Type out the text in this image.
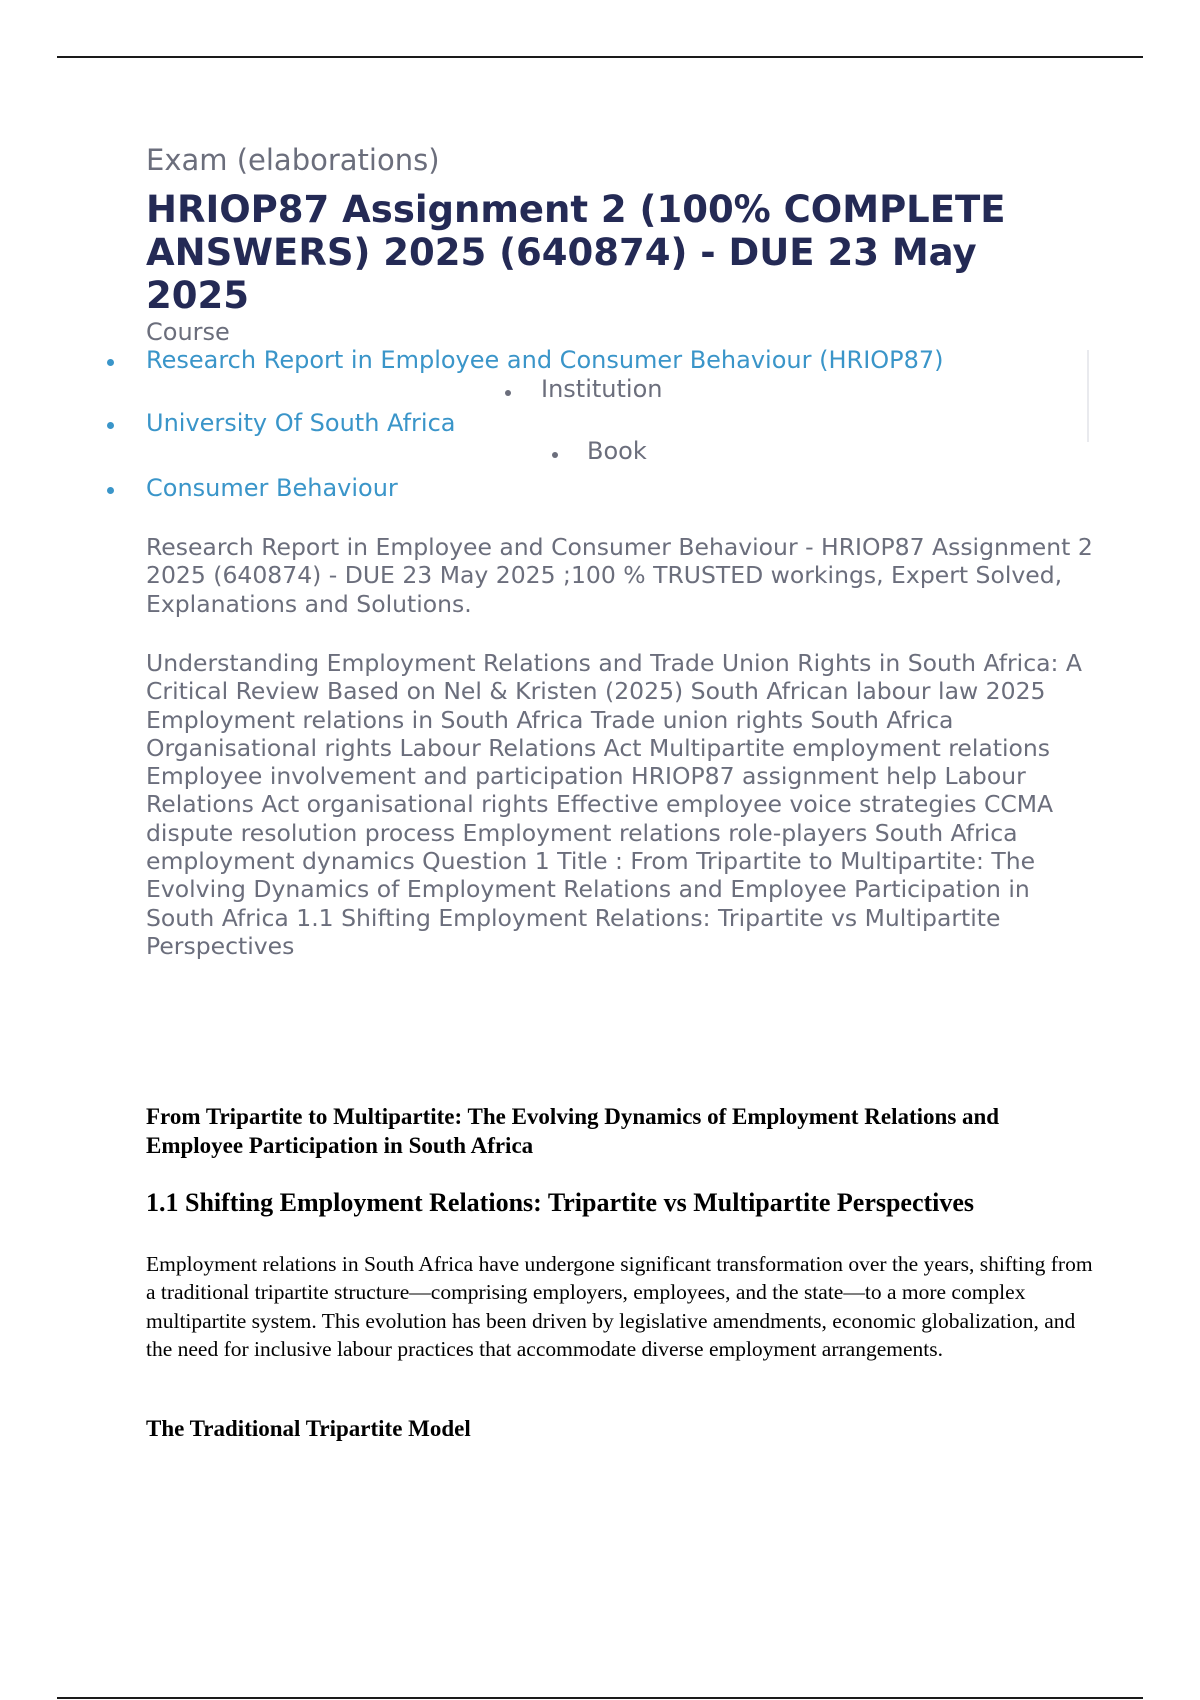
Exam (elaborations)
HRIOP87 Assignment 2 (100% COMPLETE ANSWERS) 2025 (640874) - DUE 23 May 2025
Course
Research Report in Employee and Consumer Behaviour (HRIOP87)
Institution
University Of South Africa
Book
Consumer Behaviour

Research Report in Employee and Consumer Behaviour - HRIOP87 Assignment 2 2025 (640874) - DUE 23 May 2025 ;100 % TRUSTED workings, Expert Solved, Explanations and Solutions.

Understanding Employment Relations and Trade Union Rights in South Africa: A Critical Review Based on Nel & Kristen (2025) South African labour law 2025 Employment relations in South Africa Trade union rights South Africa Organisational rights Labour Relations Act Multipartite employment relations Employee involvement and participation HRIOP87 assignment help Labour Relations Act organisational rights Effective employee voice strategies CCMA dispute resolution process Employment relations role-players South Africa employment dynamics Question 1 Title : From Tripartite to Multipartite: The Evolving Dynamics of Employment Relations and Employee Participation in South Africa 1.1 Shifting Employment Relations: Tripartite vs Multipartite Perspectives

From Tripartite to Multipartite: The Evolving Dynamics of Employment Relations and Employee Participation in South Africa

1.1 Shifting Employment Relations: Tripartite vs Multipartite Perspectives

Employment relations in South Africa have undergone significant transformation over the years, shifting from a traditional tripartite structure—comprising employers, employees, and the state—to a more complex multipartite system. This evolution has been driven by legislative amendments, economic globalization, and the need for inclusive labour practices that accommodate diverse employment arrangements.

The Traditional Tripartite Model
